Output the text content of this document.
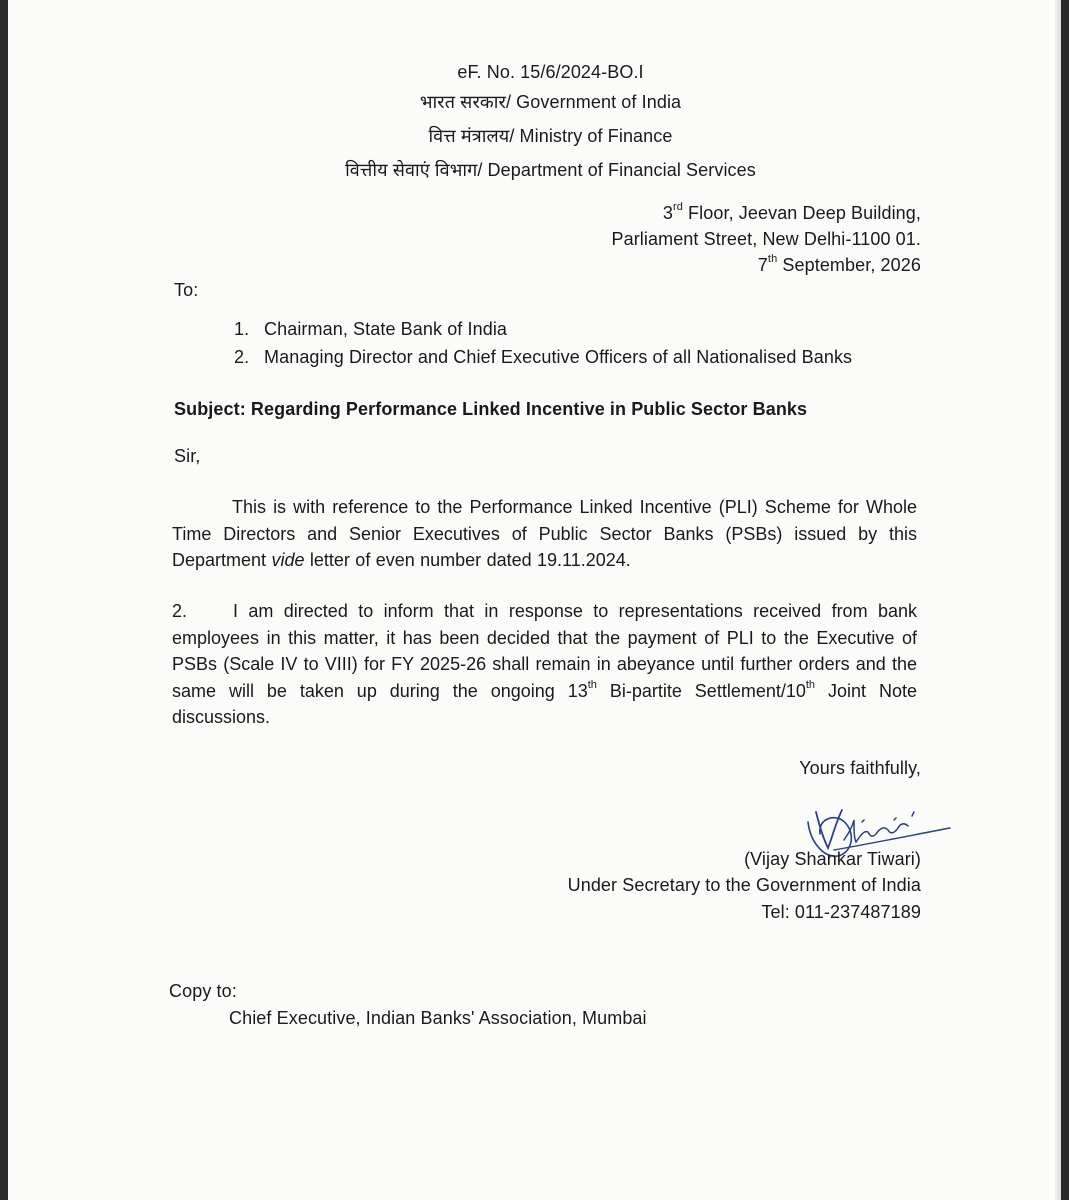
eF. No. 15/6/2024-BO.I
भारत सरकार/ Government of India
वित्त मंत्रालय/ Ministry of Finance
वित्तीय सेवाएं विभाग/ Department of Financial Services
3rd Floor, Jeevan Deep Building,
Parliament Street, New Delhi-1100 01.
7th September, 2026
To:
1. Chairman, State Bank of India
2. Managing Director and Chief Executive Officers of all Nationalised Banks
Subject: Regarding Performance Linked Incentive in Public Sector Banks
Sir,
This is with reference to the Performance Linked Incentive (PLI) Scheme for Whole Time Directors and Senior Executives of Public Sector Banks (PSBs) issued by this Department vide letter of even number dated 19.11.2024.
2.	I am directed to inform that in response to representations received from bank employees in this matter, it has been decided that the payment of PLI to the Executive of PSBs (Scale IV to VIII) for FY 2025-26 shall remain in abeyance until further orders and the same will be taken up during the ongoing 13th Bi-partite Settlement/10th Joint Note discussions.
Yours faithfully,
(Vijay Shankar Tiwari)
Under Secretary to the Government of India
Tel: 011-237487189
Copy to:
Chief Executive, Indian Banks' Association, Mumbai
